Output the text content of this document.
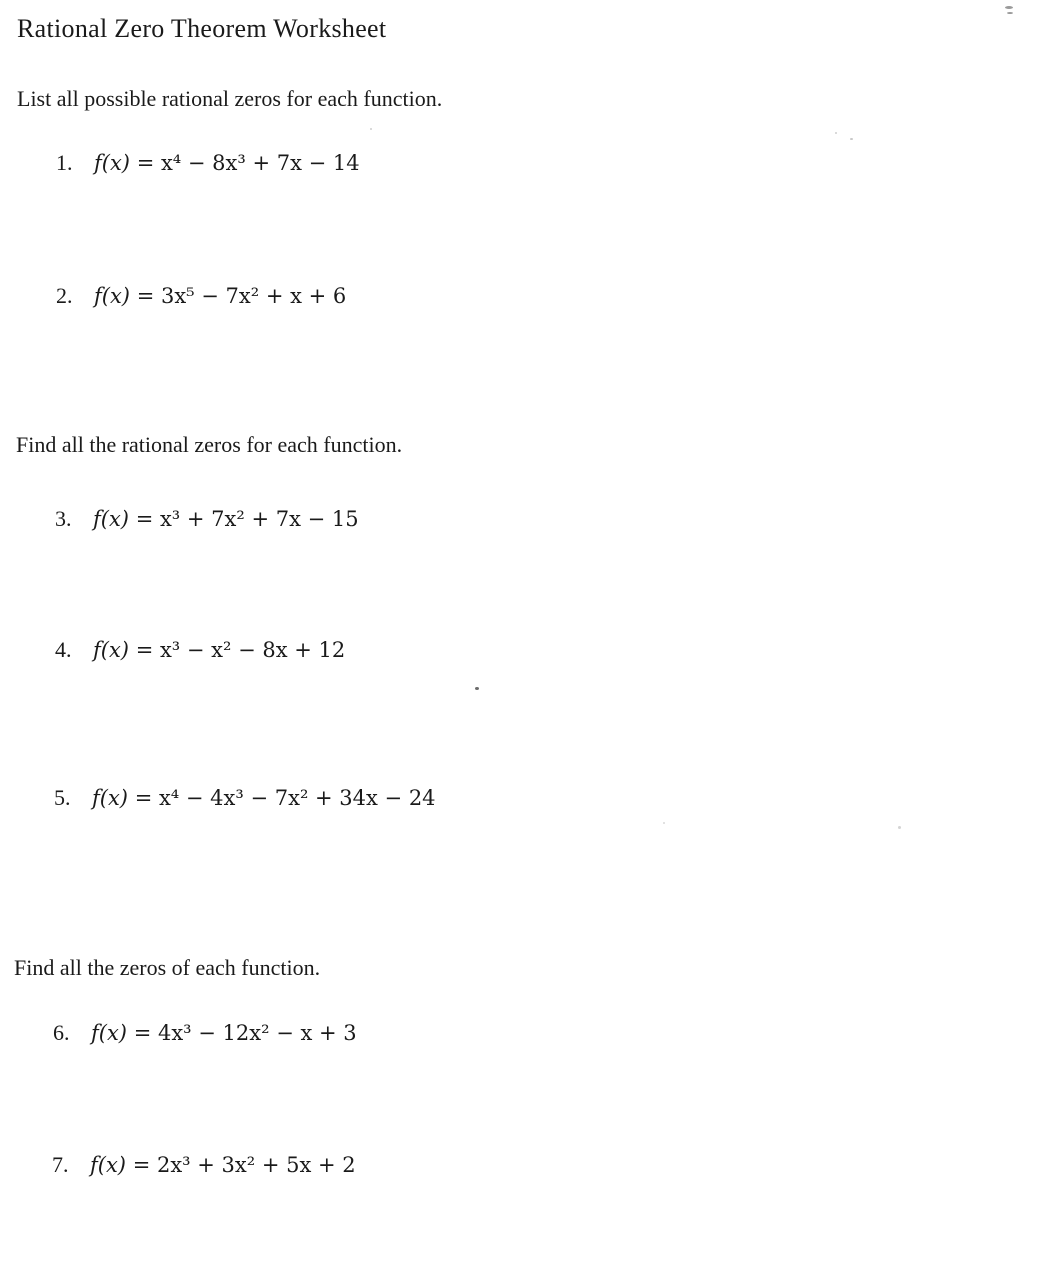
Rational Zero Theorem Worksheet
List all possible rational zeros for each function.
1.	f(x) = x⁴ − 8x³ + 7x − 14
2.	f(x) = 3x⁵ − 7x² + x + 6
Find all the rational zeros for each function.
3.	f(x) = x³ + 7x² + 7x − 15
4.	f(x) = x³ − x² − 8x + 12
5.	f(x) = x⁴ − 4x³ − 7x² + 34x − 24
Find all the zeros of each function.
6.	f(x) = 4x³ − 12x² − x + 3
7.	f(x) = 2x³ + 3x² + 5x + 2
